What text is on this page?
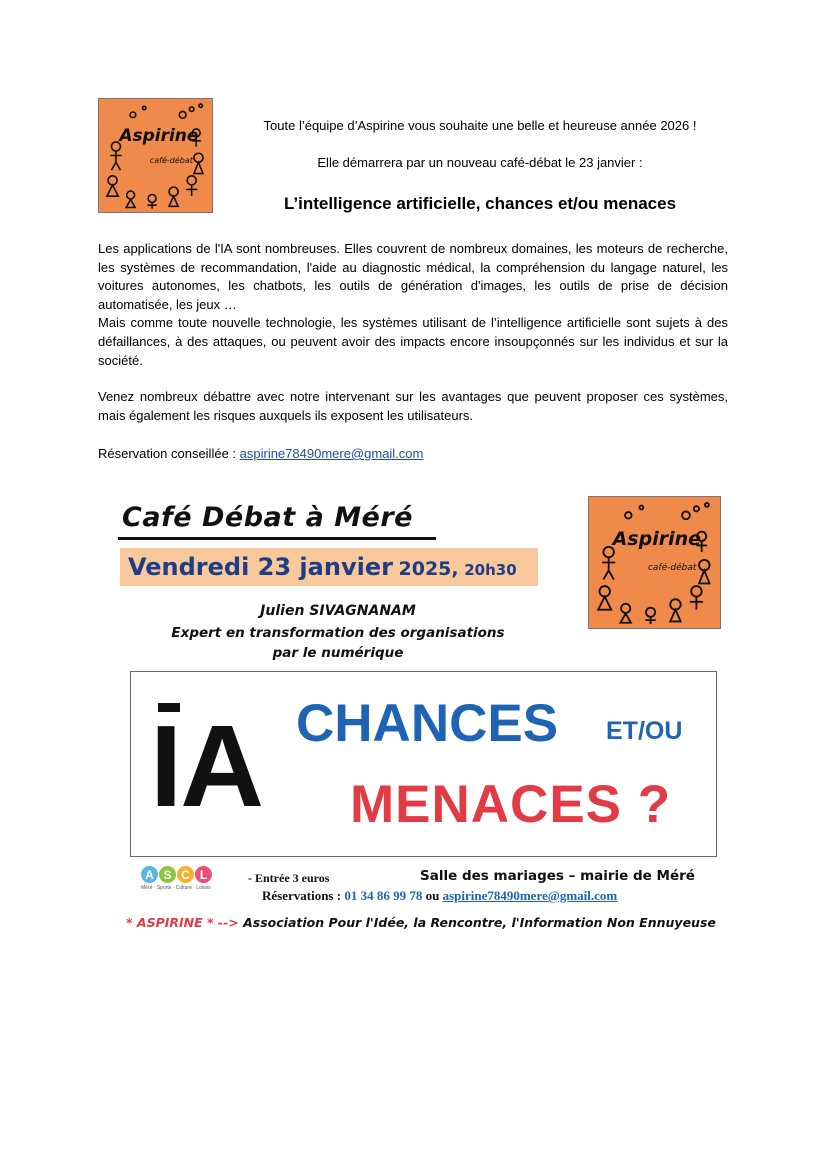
Aspirine
café-débat
Toute l’équipe d’Aspirine vous souhaite une belle et heureuse année 2026 !
Elle démarrera par un nouveau café-débat le 23 janvier :
L’intelligence artificielle, chances et/ou menaces
Les applications de l'IA sont nombreuses. Elles couvrent de nombreux domaines, les moteurs de recherche, les systèmes de recommandation, l'aide au diagnostic médical, la compréhension du langage naturel, les voitures autonomes, les chatbots, les outils de génération d'images, les outils de prise de décision automatisée, les jeux …
Mais comme toute nouvelle technologie, les systèmes utilisant de l’intelligence artificielle sont sujets à des défaillances, à des attaques, ou peuvent avoir des impacts encore insoupçonnés sur les individus et sur la société.
Venez nombreux débattre avec notre intervenant sur les avantages que peuvent proposer ces systèmes, mais également les risques auxquels ils exposent les utilisateurs.
Réservation conseillée : aspirine78490mere@gmail.com
Café Débat à Méré
Vendredi 23 janvier 2025, 20h30
Julien SIVAGNANAM
Expert en transformation des organisations
par le numérique
Aspirine
café-débat
IA CHANCES ET/OU
MENACES ?
A S C L
Méré · Sports · Culture · Loisirs
- Entrée 3 euros	Salle des mariages – mairie de Méré
Réservations : 01 34 86 99 78 ou aspirine78490mere@gmail.com
* ASPIRINE * --> Association Pour l'Idée, la Rencontre, l'Information Non Ennuyeuse
